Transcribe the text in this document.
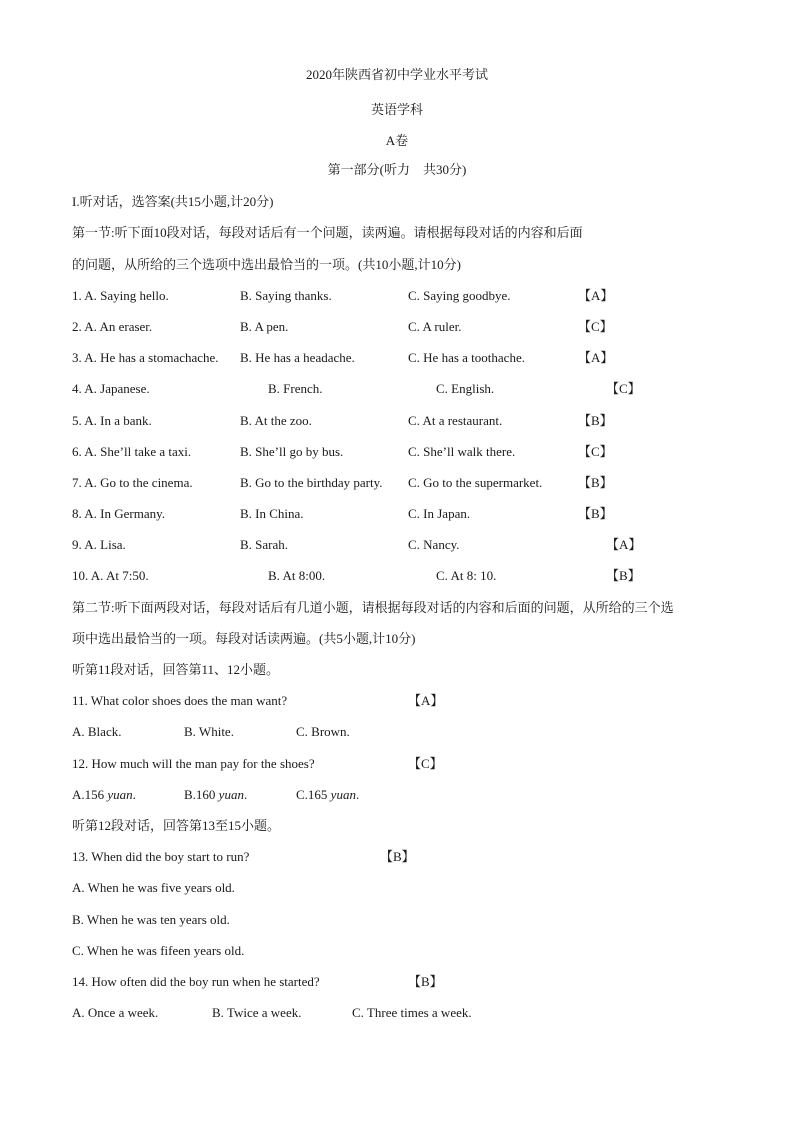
2020年陕西省初中学业水平考试
英语学科
A卷
第一部分(听力　共30分)
I.听对话，选答案(共15小题,计20分)
第一节:听下面10段对话，每段对话后有一个问题，读两遍。请根据每段对话的内容和后面
的问题，从所给的三个选项中选出最恰当的一项。(共10小题,计10分)
1. A. Saying hello.	B. Saying thanks.	C. Saying goodbye.	【A】
2. A. An eraser.	B. A pen.	C. A ruler.	【C】
3. A. He has a stomachache. B. He has a headache.	C. He has a toothache.	【A】
4. A. Japanese.	B. French.	C. English.	【C】
5. A. In a bank.	B. At the zoo.	C. At a restaurant.	【B】
6. A. She’ll take a taxi.	B. She’ll go by bus.	C. She’ll walk there.	【C】
7. A. Go to the cinema.	B. Go to the birthday party. C. Go to the supermarket.	【B】
8. A. In Germany.	B. In China.	C. In Japan.	【B】
9. A. Lisa.	B. Sarah.	C. Nancy.	【A】
10. A. At 7:50.	B. At 8:00.	C. At 8: 10.	【B】
第二节:听下面两段对话，每段对话后有几道小题，请根据每段对话的内容和后面的问题，从所给的三个选
项中选出最恰当的一项。每段对话读两遍。(共5小题,计10分)
听第11段对话，回答第11、12小题。
11. What color shoes does the man want?	【A】
A. Black.	B. White.	C. Brown.
12. How much will the man pay for the shoes?	【C】
A.156 yuan.	B.160 yuan.	C.165 yuan.
听第12段对话，回答第13至15小题。
13. When did the boy start to run?	【B】
A. When he was five years old.
B. When he was ten years old.
C. When he was fifeen years old.
14. How often did the boy run when he started?	【B】
A. Once a week.	B. Twice a week.	C. Three times a week.
